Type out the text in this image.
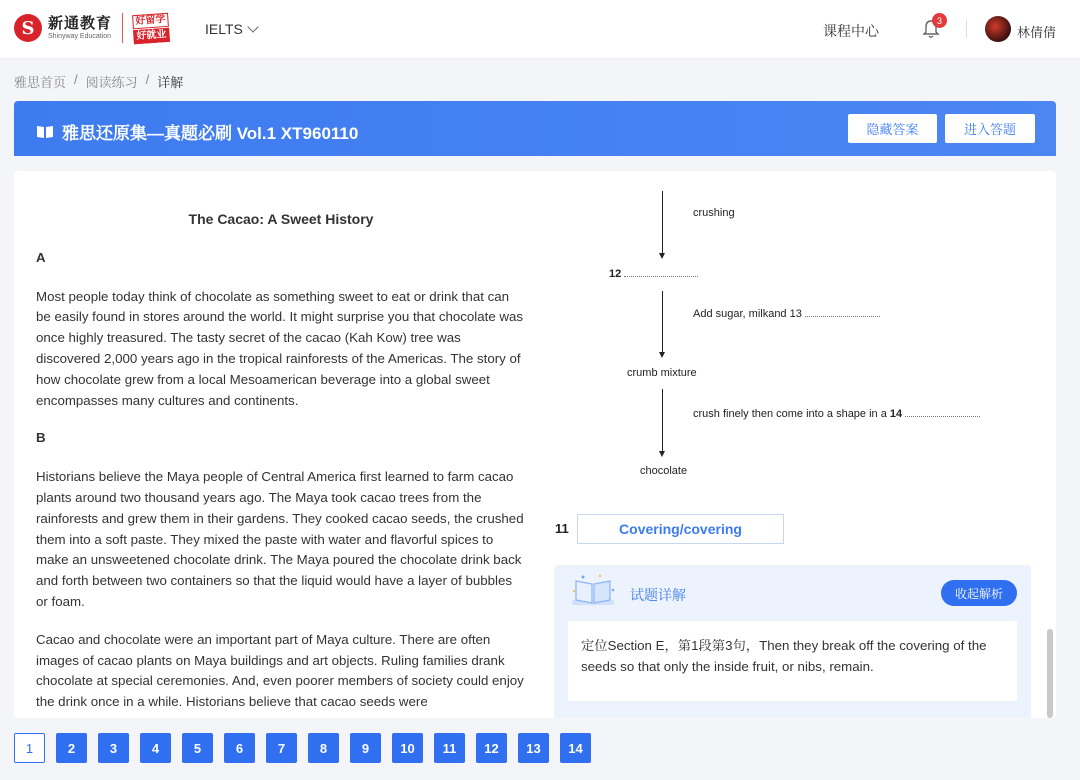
S 新通教育
Shinyway Education
好留学
好就业	IELTS	课程中心
3
林倩倩
雅思首页 / 阅读练习 / 详解
雅思还原集—真题必刷 Vol.1 XT960110	隐藏答案	进入答题
The Cacao: A Sweet History
A

Most people today think of chocolate as something sweet to eat or drink that can be easily found in stores around the world. It might surprise you that chocolate was once highly treasured. The tasty secret of the cacao (Kah Kow) tree was discovered 2,000 years ago in the tropical rainforests of the Americas. The story of how chocolate grew from a local Mesoamerican beverage into a global sweet encompasses many cultures and continents.

B

Historians believe the Maya people of Central America first learned to farm cacao plants around two thousand years ago. The Maya took cacao trees from the rainforests and grew them in their gardens. They cooked cacao seeds, the crushed them into a soft paste. They mixed the paste with water and flavorful spices to make an unsweetened chocolate drink. The Maya poured the chocolate drink back and forth between two containers so that the liquid would have a layer of bubbles or foam.

Cacao and chocolate were an important part of Maya culture. There are often images of cacao plants on Maya buildings and art objects. Ruling families drank chocolate at special ceremonies. And, even poorer members of society could enjoy the drink once in a while. Historians believe that cacao seeds were

crushing
12
Add sugar, milkand 13
crumb mixture
crush finely then come into a shape in a 14
chocolate
11	Covering/covering
试题详解	收起解析
定位Section E，第1段第3句，Then they break off the covering of the seeds so that only the inside fruit, or nibs, remain.
1	2	3	4	5	6	7	8	9	10	11	12	13	14
